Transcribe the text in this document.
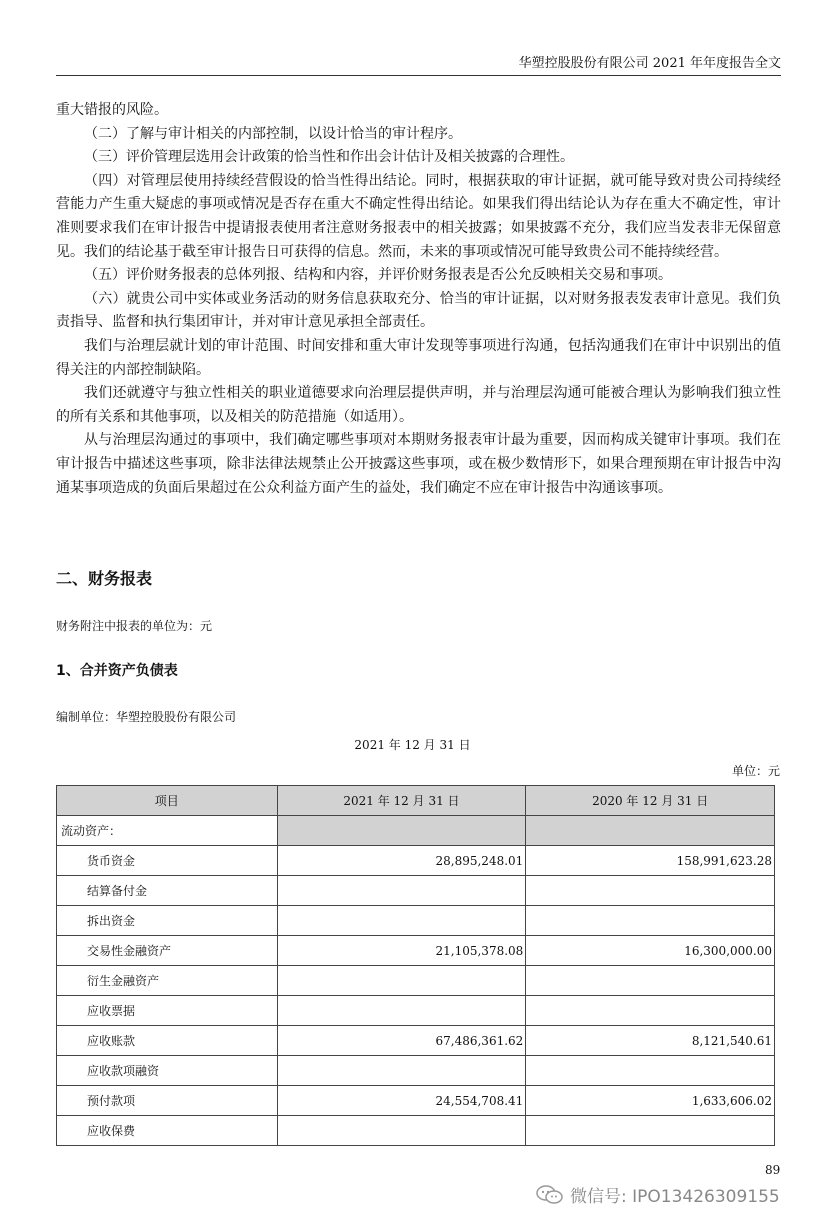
华塑控股股份有限公司 2021 年年度报告全文

重大错报的风险。

（二）了解与审计相关的内部控制，以设计恰当的审计程序。

（三）评价管理层选用会计政策的恰当性和作出会计估计及相关披露的合理性。

（四）对管理层使用持续经营假设的恰当性得出结论。同时，根据获取的审计证据，就可能导致对贵公司持续经营能力产生重大疑虑的事项或情况是否存在重大不确定性得出结论。如果我们得出结论认为存在重大不确定性，审计准则要求我们在审计报告中提请报表使用者注意财务报表中的相关披露；如果披露不充分，我们应当发表非无保留意见。我们的结论基于截至审计报告日可获得的信息。然而，未来的事项或情况可能导致贵公司不能持续经营。

（五）评价财务报表的总体列报、结构和内容，并评价财务报表是否公允反映相关交易和事项。

（六）就贵公司中实体或业务活动的财务信息获取充分、恰当的审计证据，以对财务报表发表审计意见。我们负责指导、监督和执行集团审计，并对审计意见承担全部责任。

我们与治理层就计划的审计范围、时间安排和重大审计发现等事项进行沟通，包括沟通我们在审计中识别出的值得关注的内部控制缺陷。

我们还就遵守与独立性相关的职业道德要求向治理层提供声明，并与治理层沟通可能被合理认为影响我们独立性的所有关系和其他事项，以及相关的防范措施（如适用）。

从与治理层沟通过的事项中，我们确定哪些事项对本期财务报表审计最为重要，因而构成关键审计事项。我们在审计报告中描述这些事项，除非法律法规禁止公开披露这些事项，或在极少数情形下，如果合理预期在审计报告中沟通某事项造成的负面后果超过在公众利益方面产生的益处，我们确定不应在审计报告中沟通该事项。

二、财务报表
财务附注中报表的单位为：元
1、合并资产负债表
编制单位：华塑控股股份有限公司
2021 年 12 月 31 日
单位：元
项目	2021 年 12 月 31 日	2020 年 12 月 31 日
流动资产：		
货币资金	28,895,248.01	158,991,623.28
结算备付金		
拆出资金		
交易性金融资产	21,105,378.08	16,300,000.00
衍生金融资产		
应收票据		
应收账款	67,486,361.62	8,121,540.61
应收款项融资		
预付款项	24,554,708.41	1,633,606.02
应收保费		
89
微信号: IPO13426309155
